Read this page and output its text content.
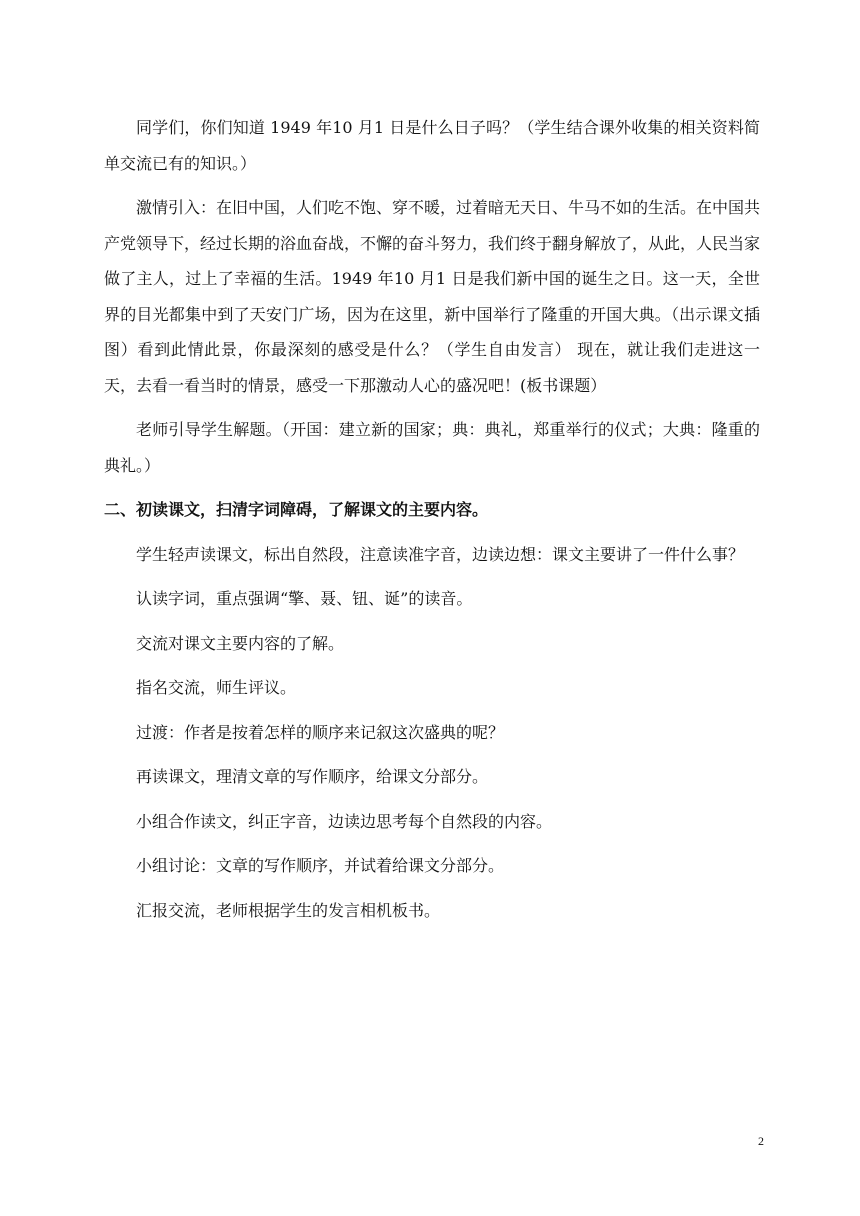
同学们，你们知道 1949 年10 月1 日是什么日子吗？（学生结合课外收集的相关资料简单交流已有的知识。）

激情引入：在旧中国，人们吃不饱、穿不暖，过着暗无天日、牛马不如的生活。在中国共产党领导下，经过长期的浴血奋战，不懈的奋斗努力，我们终于翻身解放了，从此，人民当家做了主人，过上了幸福的生活。1949 年10 月1 日是我们新中国的诞生之日。这一天，全世界的目光都集中到了天安门广场，因为在这里，新中国举行了隆重的开国大典。（出示课文插图）看到此情此景，你最深刻的感受是什么？（学生自由发言） 现在，就让我们走进这一天，去看一看当时的情景，感受一下那激动人心的盛况吧！(板书课题）

老师引导学生解题。（开国：建立新的国家；典：典礼，郑重举行的仪式；大典：隆重的典礼。）

二、初读课文，扫清字词障碍，了解课文的主要内容。

学生轻声读课文，标出自然段，注意读准字音，边读边想：课文主要讲了一件什么事？

认读字词，重点强调“擎、聂、钮、诞”的读音。

交流对课文主要内容的了解。

指名交流，师生评议。

过渡：作者是按着怎样的顺序来记叙这次盛典的呢？

再读课文，理清文章的写作顺序，给课文分部分。

小组合作读文，纠正字音，边读边思考每个自然段的内容。

小组讨论：文章的写作顺序，并试着给课文分部分。

汇报交流，老师根据学生的发言相机板书。

2
